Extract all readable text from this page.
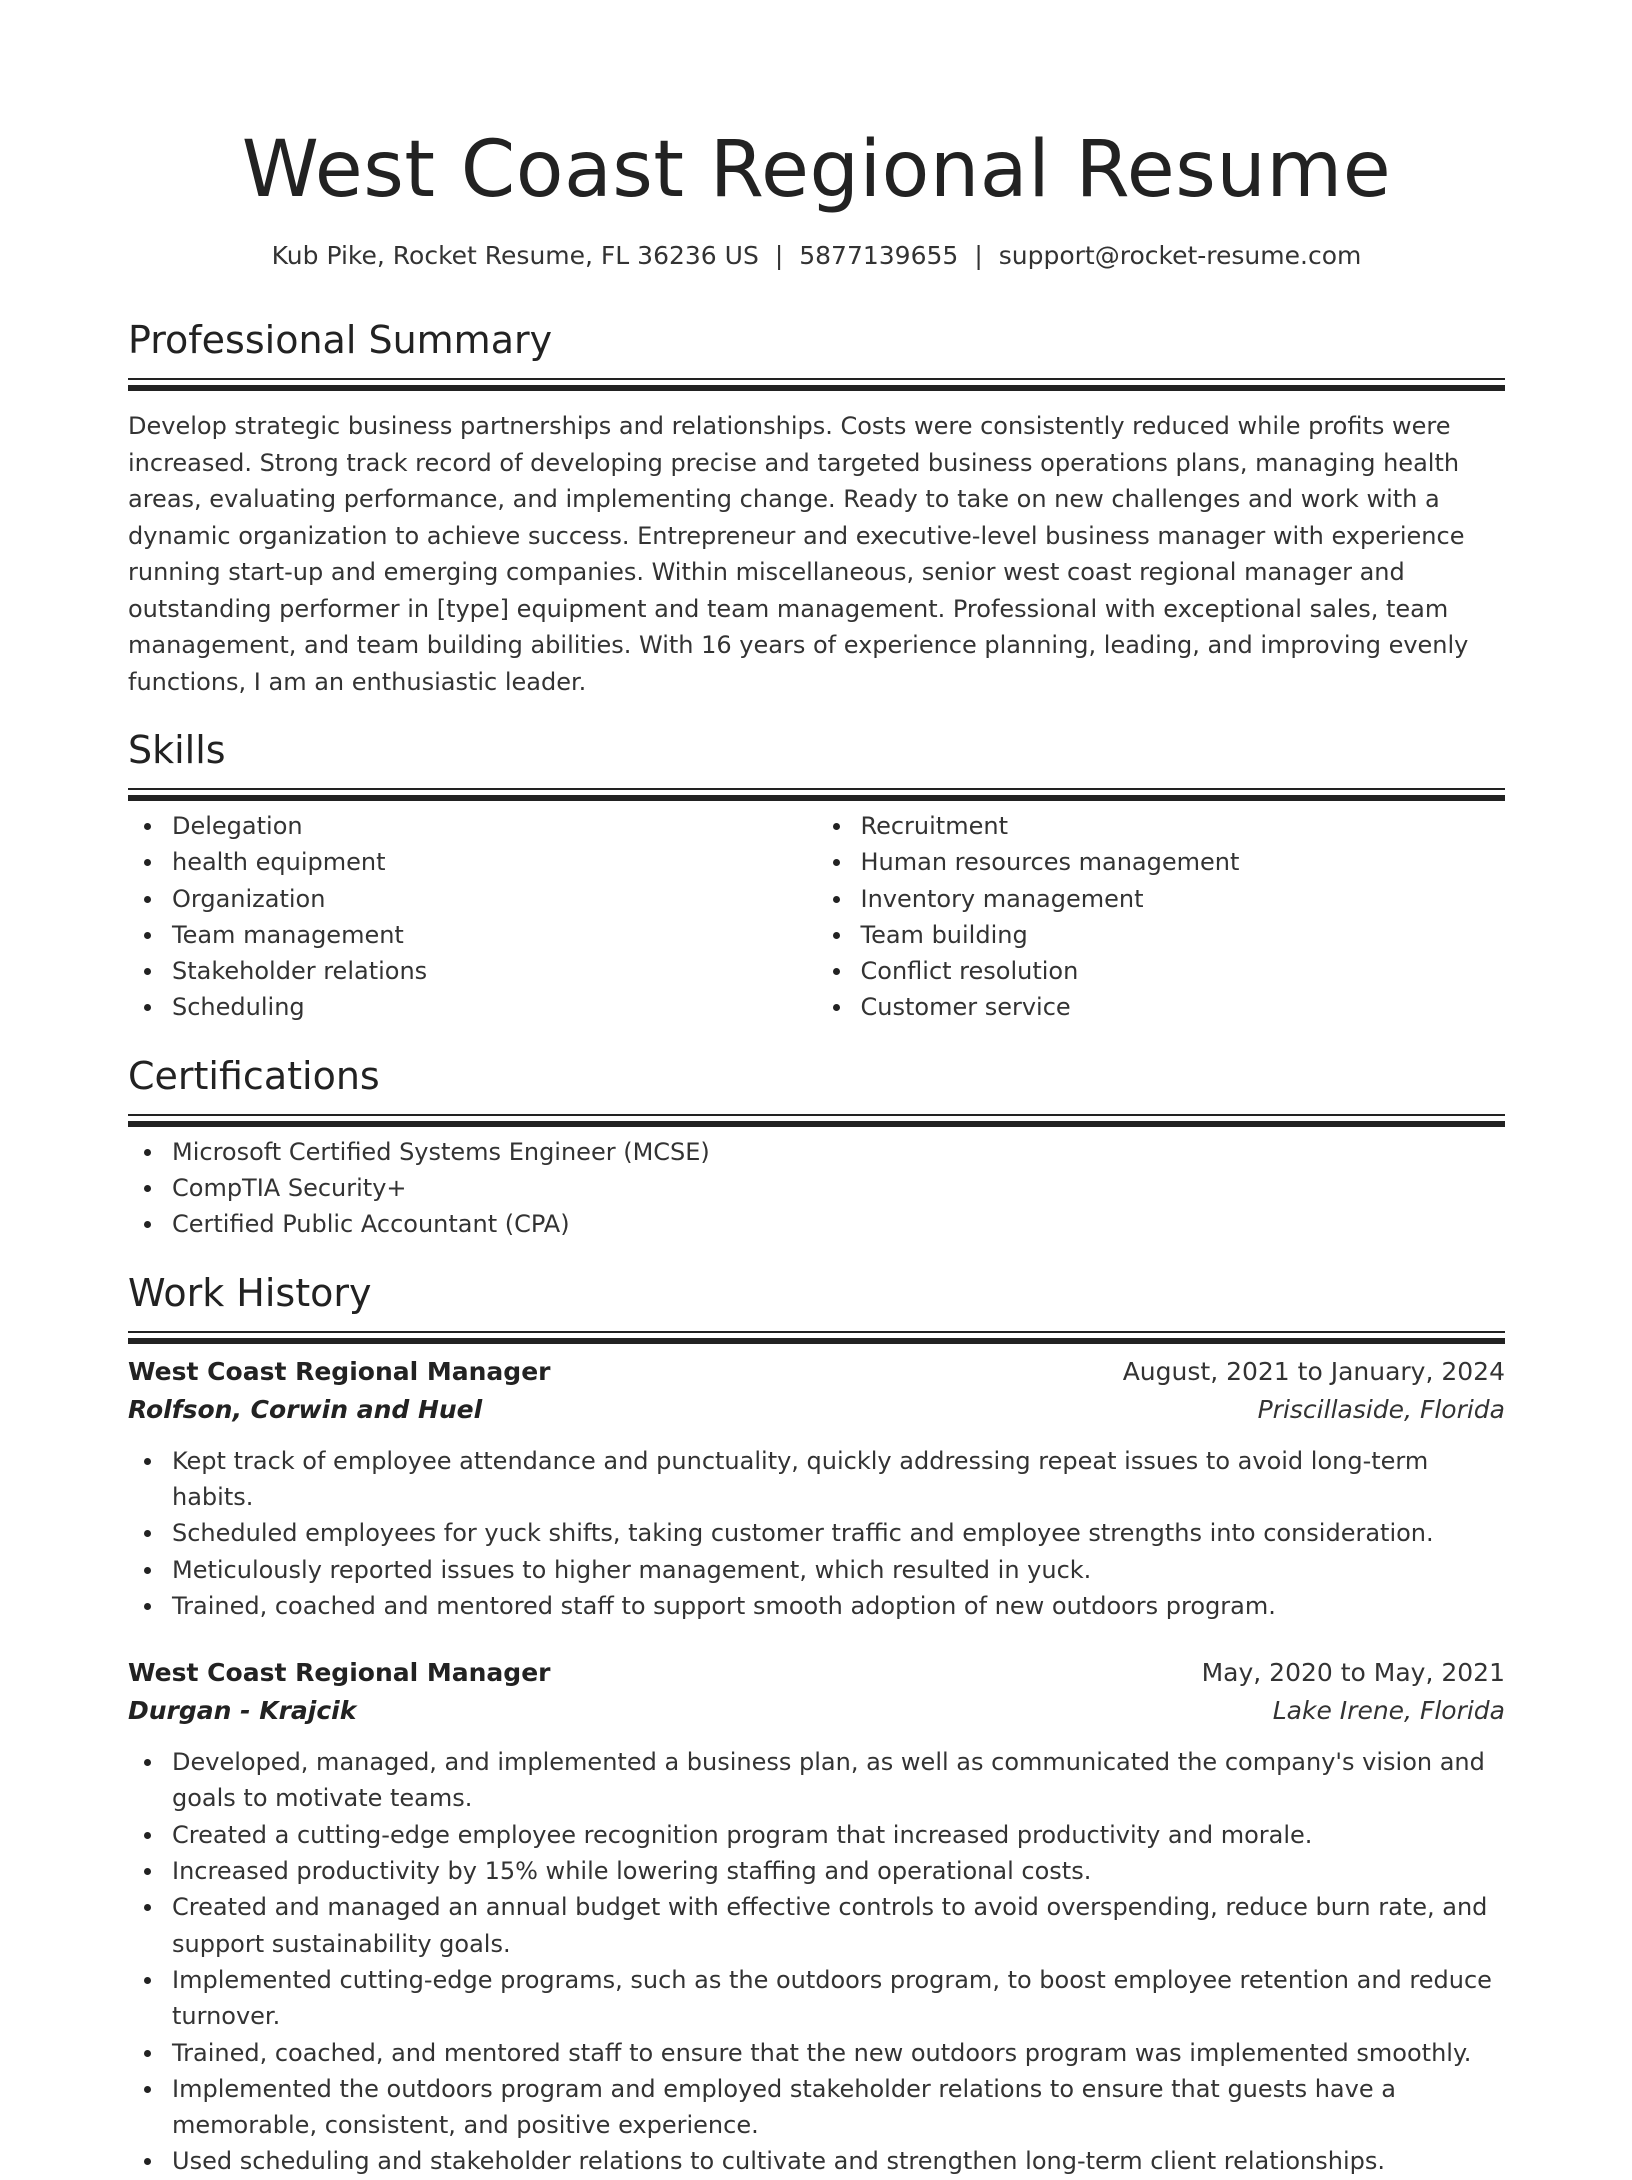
West Coast Regional Resume
Kub Pike, Rocket Resume, FL 36236 US | 5877139655 | support@rocket-resume.com
Professional Summary

Develop strategic business partnerships and relationships. Costs were consistently reduced while profits were increased. Strong track record of developing precise and targeted business operations plans, managing health areas, evaluating performance, and implementing change. Ready to take on new challenges and work with a dynamic organization to achieve success. Entrepreneur and executive-level business manager with experience running start-up and emerging companies. Within miscellaneous, senior west coast regional manager and outstanding performer in [type] equipment and team management. Professional with exceptional sales, team management, and team building abilities. With 16 years of experience planning, leading, and improving evenly functions, I am an enthusiastic leader.

Skills
Delegation
health equipment
Organization
Team management
Stakeholder relations
Scheduling
Recruitment
Human resources management
Inventory management
Team building
Conflict resolution
Customer service
Certifications
Microsoft Certified Systems Engineer (MCSE)
CompTIA Security+
Certified Public Accountant (CPA)
Work History
West Coast Regional Manager	August, 2021 to January, 2024
Rolfson, Corwin and Huel	Priscillaside, Florida
Kept track of employee attendance and punctuality, quickly addressing repeat issues to avoid long-term habits.
Scheduled employees for yuck shifts, taking customer traffic and employee strengths into consideration.
Meticulously reported issues to higher management, which resulted in yuck.
Trained, coached and mentored staff to support smooth adoption of new outdoors program.
West Coast Regional Manager	May, 2020 to May, 2021
Durgan - Krajcik	Lake Irene, Florida
Developed, managed, and implemented a business plan, as well as communicated the company's vision and goals to motivate teams.
Created a cutting-edge employee recognition program that increased productivity and morale.
Increased productivity by 15% while lowering staffing and operational costs.
Created and managed an annual budget with effective controls to avoid overspending, reduce burn rate, and support sustainability goals.
Implemented cutting-edge programs, such as the outdoors program, to boost employee retention and reduce turnover.
Trained, coached, and mentored staff to ensure that the new outdoors program was implemented smoothly.
Implemented the outdoors program and employed stakeholder relations to ensure that guests have a memorable, consistent, and positive experience.
Used scheduling and stakeholder relations to cultivate and strengthen long-term client relationships.
